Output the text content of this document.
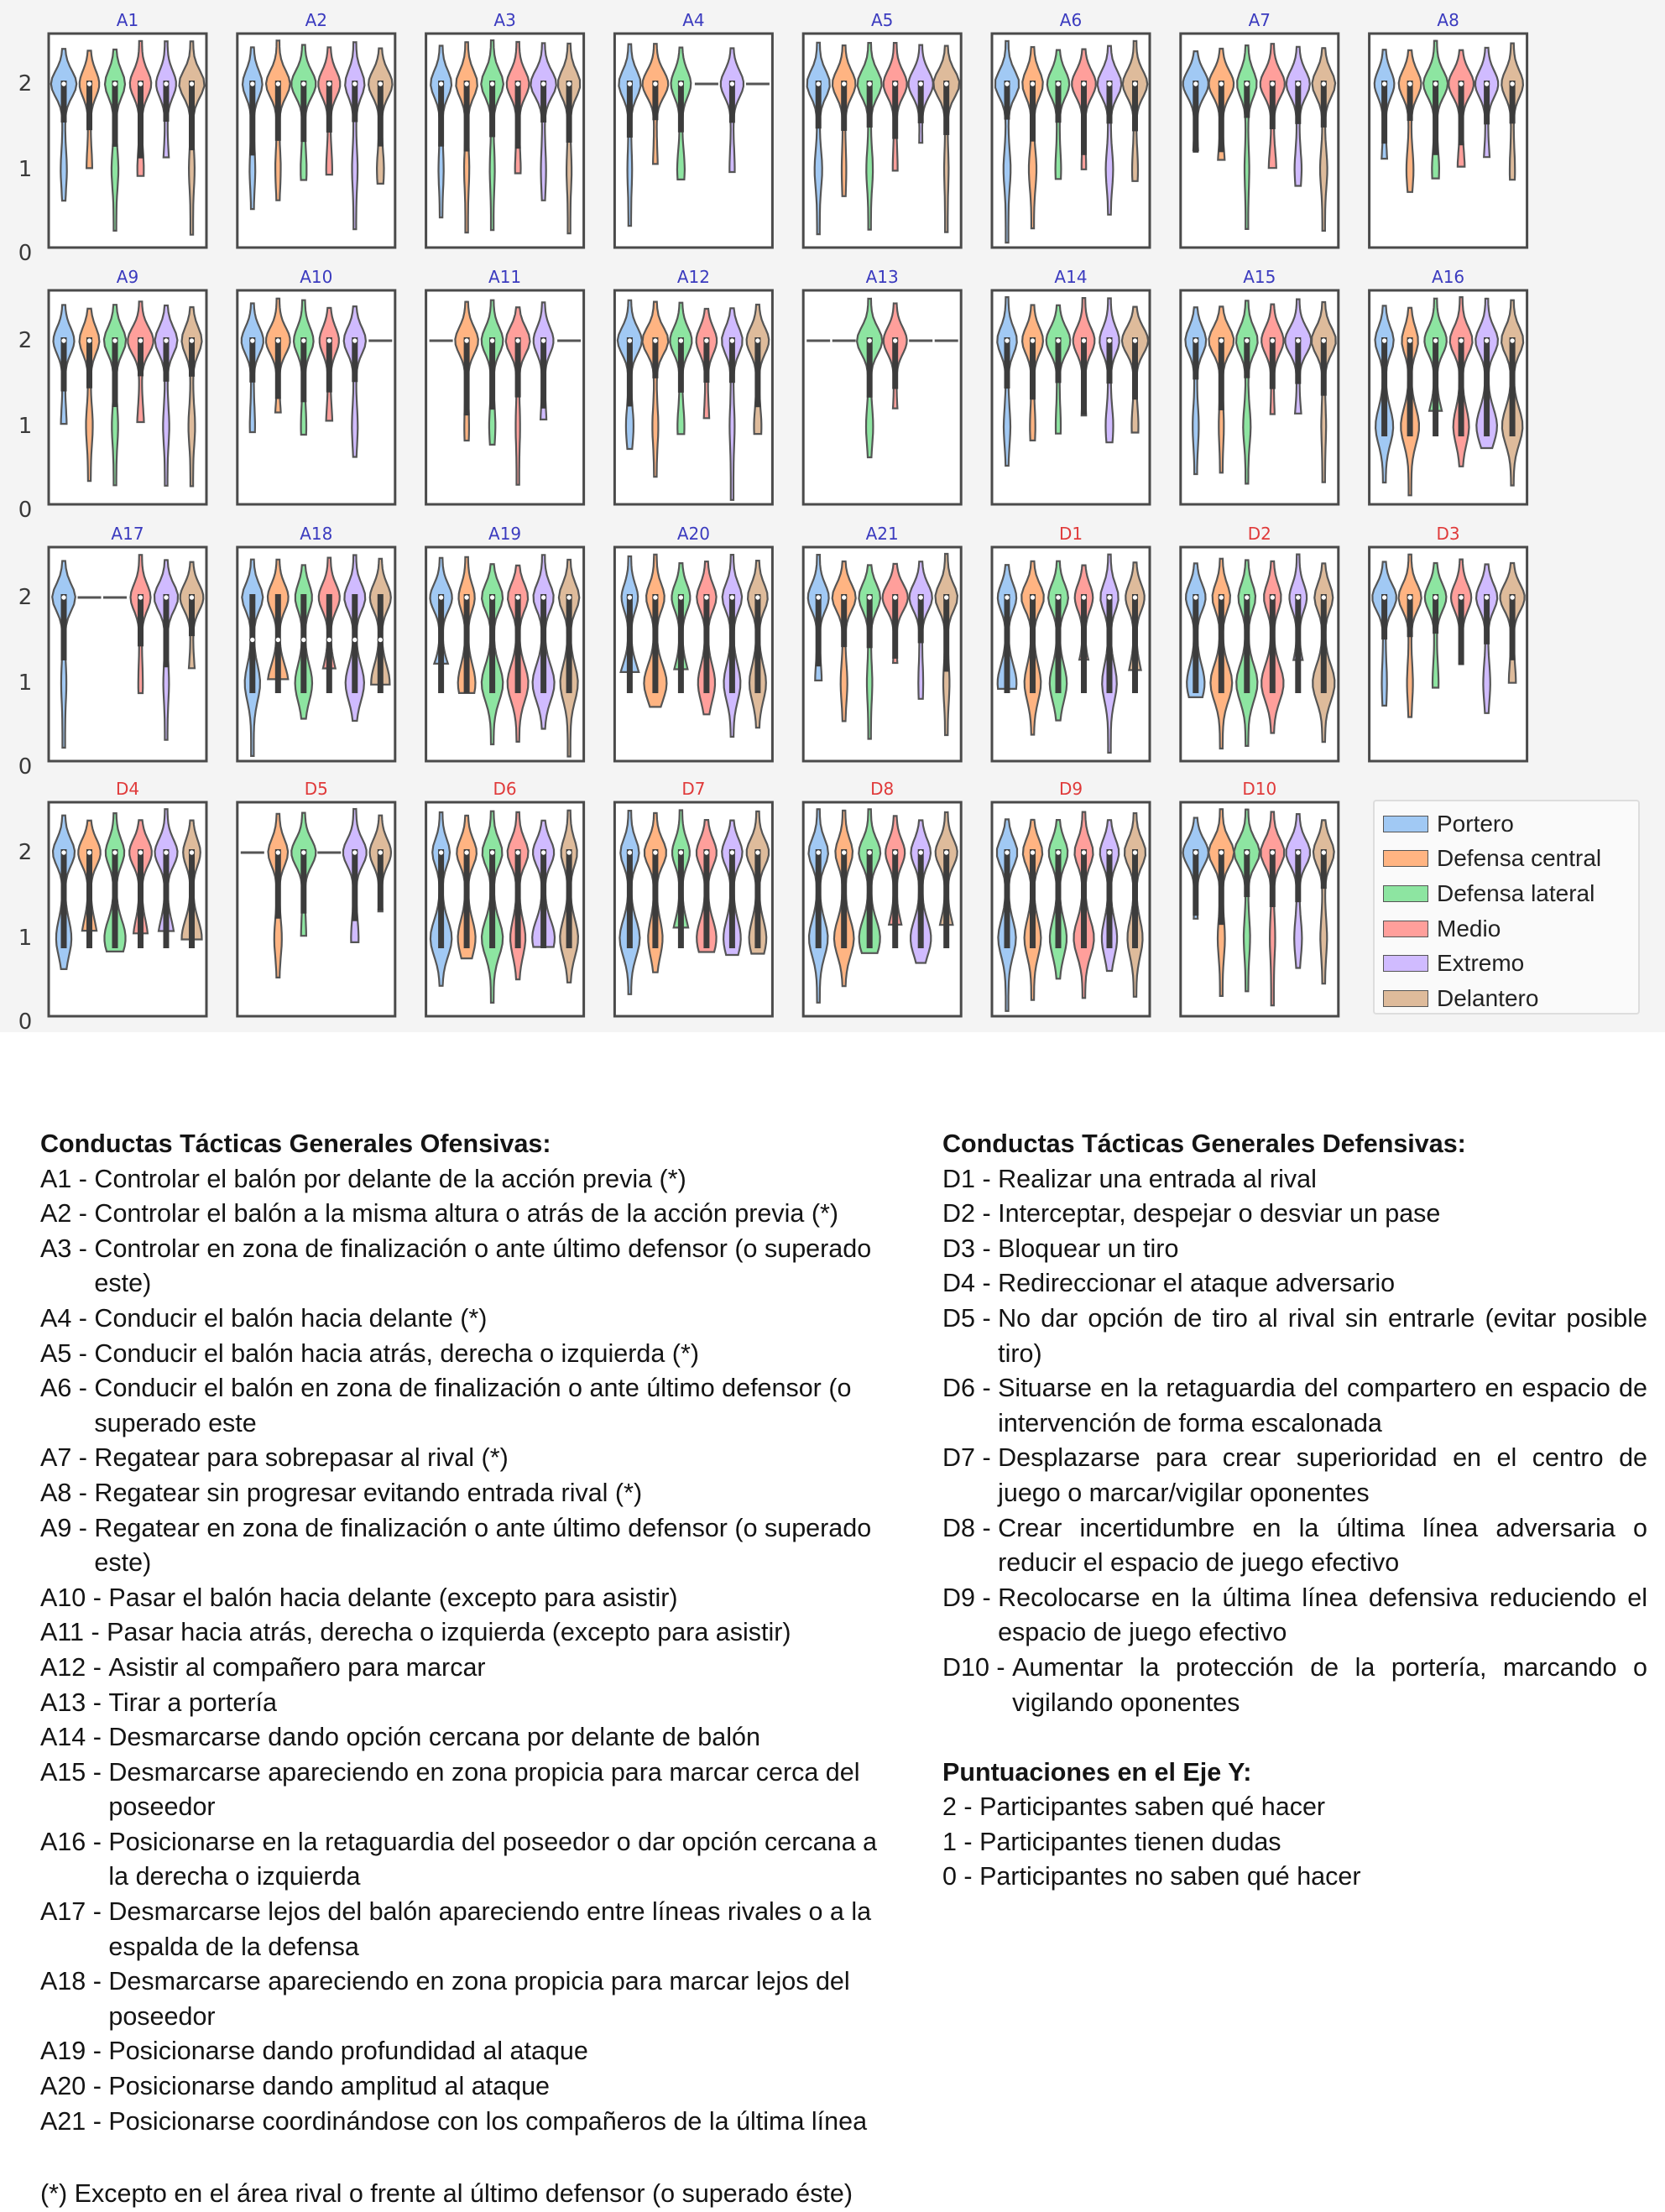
A1
2
1
0
A2	A3	A4	A5	A6	A7	A8
A9
2
1
0
A10	A11	A12	A13	A14	A15	A16
A17
2
1
0
A18	A19	A20	A21	D1	D2	D3
D4
2
1
0
D5	D6	D7	D8	D9	D10
Portero
Defensa central
Defensa lateral
Medio
Extremo
Delantero
Conductas Tácticas Generales Ofensivas:
A1 - Controlar el balón por delante de la acción previa (*)
A2 - Controlar el balón a la misma altura o atrás de la acción previa (*)
A3 - Controlar en zona de finalización o ante último defensor (o superado este)
A4 - Conducir el balón hacia delante (*)
A5 - Conducir el balón hacia atrás, derecha o izquierda (*)
A6 - Conducir el balón en zona de finalización o ante último defensor (o superado este
A7 - Regatear para sobrepasar al rival (*)
A8 - Regatear sin progresar evitando entrada rival (*)
A9 - Regatear en zona de finalización o ante último defensor (o superado este)
A10 - Pasar el balón hacia delante (excepto para asistir)
A11 - Pasar hacia atrás, derecha o izquierda (excepto para asistir)
A12 - Asistir al compañero para marcar
A13 - Tirar a portería
A14 - Desmarcarse dando opción cercana por delante de balón
A15 - Desmarcarse apareciendo en zona propicia para marcar cerca del poseedor
A16 - Posicionarse en la retaguardia del poseedor o dar opción cercana a la derecha o izquierda
A17 - Desmarcarse lejos del balón apareciendo entre líneas rivales o a la espalda de la defensa
A18 - Desmarcarse apareciendo en zona propicia para marcar lejos del poseedor
A19 - Posicionarse dando profundidad al ataque
A20 - Posicionarse dando amplitud al ataque
A21 - Posicionarse coordinándose con los compañeros de la última línea
Conductas Tácticas Generales Defensivas:
D1 - Realizar una entrada al rival
D2 - Interceptar, despejar o desviar un pase
D3 - Bloquear un tiro
D4 - Redireccionar el ataque adversario
D5 - No dar opción de tiro al rival sin entrarle (evitar posible tiro)
D6 - Situarse en la retaguardia del compartero en espacio de intervención de forma escalonada
D7 - Desplazarse para crear superioridad en el centro de juego o marcar/vigilar oponentes
D8 - Crear incertidumbre en la última línea adversaria o reducir el espacio de juego efectivo
D9 - Recolocarse en la última línea defensiva reduciendo el espacio de juego efectivo
D10 - Aumentar la protección de la portería, marcando o vigilando oponentes
Puntuaciones en el Eje Y:
2 - Participantes saben qué hacer
1 - Participantes tienen dudas
0 - Participantes no saben qué hacer
(*) Excepto en el área rival o frente al último defensor (o superado éste)
